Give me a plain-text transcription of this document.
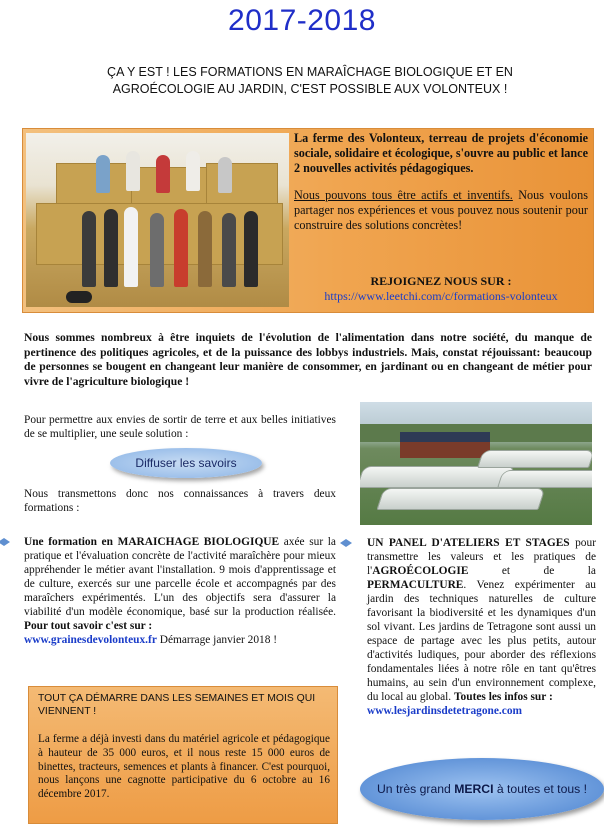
2017-2018
ÇA Y EST ! LES FORMATIONS EN MARAÎCHAGE BIOLOGIQUE ET EN
AGROÉCOLOGIE AU JARDIN, C'EST POSSIBLE AUX VOLONTEUX !
La ferme des Volonteux, terreau de projets d'économie sociale, solidaire et écologique, s'ouvre au public et lance 2 nouvelles activités pédagogiques.
Nous pouvons tous être actifs et inventifs. Nous voulons partager nos expériences et vous pouvez nous soutenir pour construire des solutions concrètes!
REJOIGNEZ NOUS SUR :
https://www.leetchi.com/c/formations-volonteux
Nous sommes nombreux à être inquiets de l'évolution de l'alimentation dans notre société, du manque de pertinence des politiques agricoles, et de la puissance des lobbys industriels. Mais, constat réjouissant: beaucoup de personnes se bougent en changeant leur manière de consommer, en jardinant ou en changeant de métier pour vivre de l'agriculture biologique !
Pour permettre aux envies de sortir de terre et aux belles initiatives de se multiplier, une seule solution :
Diffuser les savoirs
Nous transmettons donc nos connaissances à travers deux formations :
Une formation en MARAICHAGE BIOLOGIQUE axée sur la pratique et l'évaluation concrète de l'activité maraîchère pour mieux appréhender le métier avant l'installation. 9 mois d'apprentissage et de culture, exercés sur une parcelle école et accompagnés par des maraîchers expérimentés. L'un des objectifs sera d'assurer la viabilité d'un modèle économique, basé sur la production réalisée. Pour tout savoir c'est sur :
www.grainesdevolonteux.fr Démarrage janvier 2018 !
UN PANEL D'ATELIERS ET STAGES pour transmettre les valeurs et les pratiques de l'AGROÉCOLOGIE et de la PERMACULTURE. Venez expérimenter au jardin des techniques naturelles de culture favorisant la biodiversité et les dynamiques d'un sol vivant. Les jardins de Tetragone sont aussi un espace de partage avec les plus petits, autour d'activités ludiques, pour aborder des réflexions fondamentales liées à notre rôle en tant qu'êtres humains, au sein d'un environnement complexe, du local au global. Toutes les infos sur :
www.lesjardinsdetetragone.com
TOUT ÇA DÉMARRE DANS LES SEMAINES ET MOIS QUI VIENNENT !
La ferme a déjà investi dans du matériel agricole et pédagogique à hauteur de 35 000 euros, et il nous reste 15 000 euros de binettes, tracteurs, semences et plants à financer. C'est pourquoi, nous lançons une cagnotte participative du 6 octobre au 16 décembre 2017.	Un très grand MERCI à toutes et tous !
